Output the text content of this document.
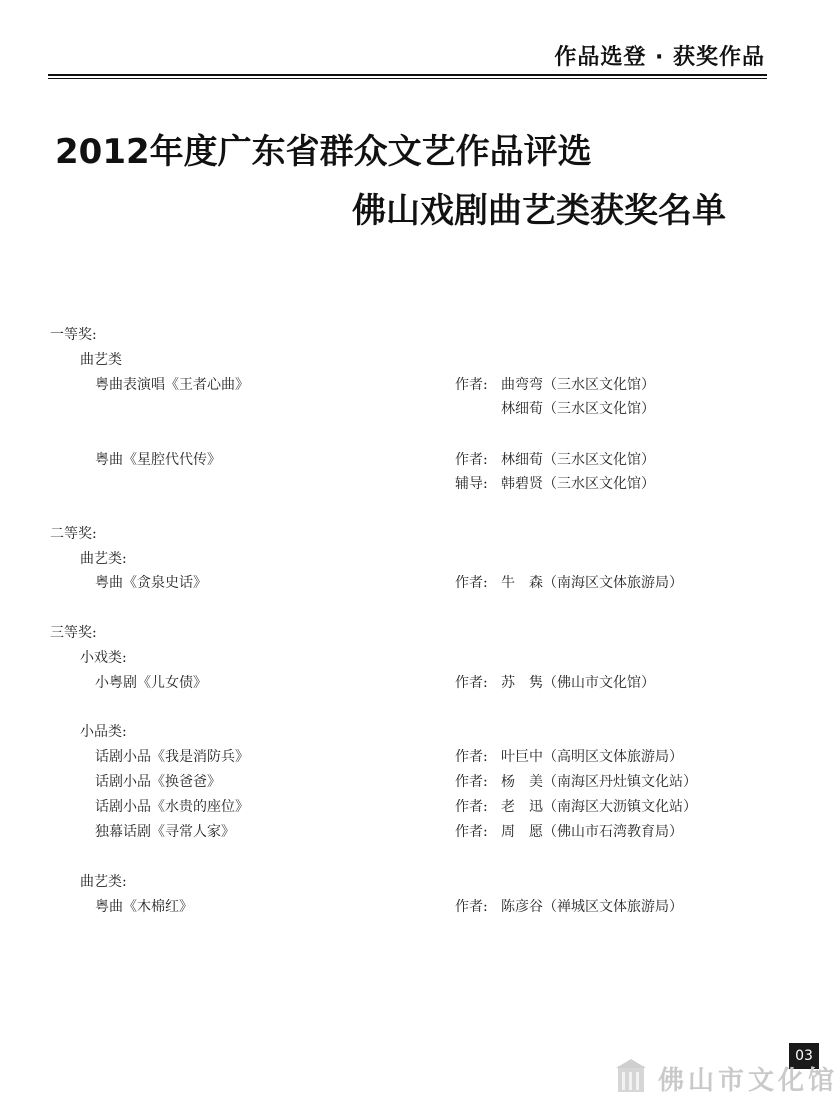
作品选登 · 获奖作品
2012年度广东省群众文艺作品评选
佛山戏剧曲艺类获奖名单
一等奖:
曲艺类
粤曲表演唱《王者心曲》	作者: 曲弯弯（三水区文化馆）
林细荀（三水区文化馆）
粤曲《星腔代代传》	作者: 林细荀（三水区文化馆）
辅导: 韩碧贤（三水区文化馆）
二等奖:
曲艺类:
粤曲《贪泉史话》	作者: 牛　森（南海区文体旅游局）
三等奖:
小戏类:
小粤剧《儿女债》	作者: 苏　隽（佛山市文化馆）
小品类:
话剧小品《我是消防兵》	作者: 叶巨中（高明区文体旅游局）
话剧小品《换爸爸》	作者: 杨　美（南海区丹灶镇文化站）
话剧小品《水贵的座位》	作者: 老　迅（南海区大沥镇文化站）
独幕话剧《寻常人家》	作者: 周　愿（佛山市石湾教育局）
曲艺类:
粤曲《木棉红》	作者: 陈彦谷（禅城区文体旅游局）
03
佛山市文化馆
